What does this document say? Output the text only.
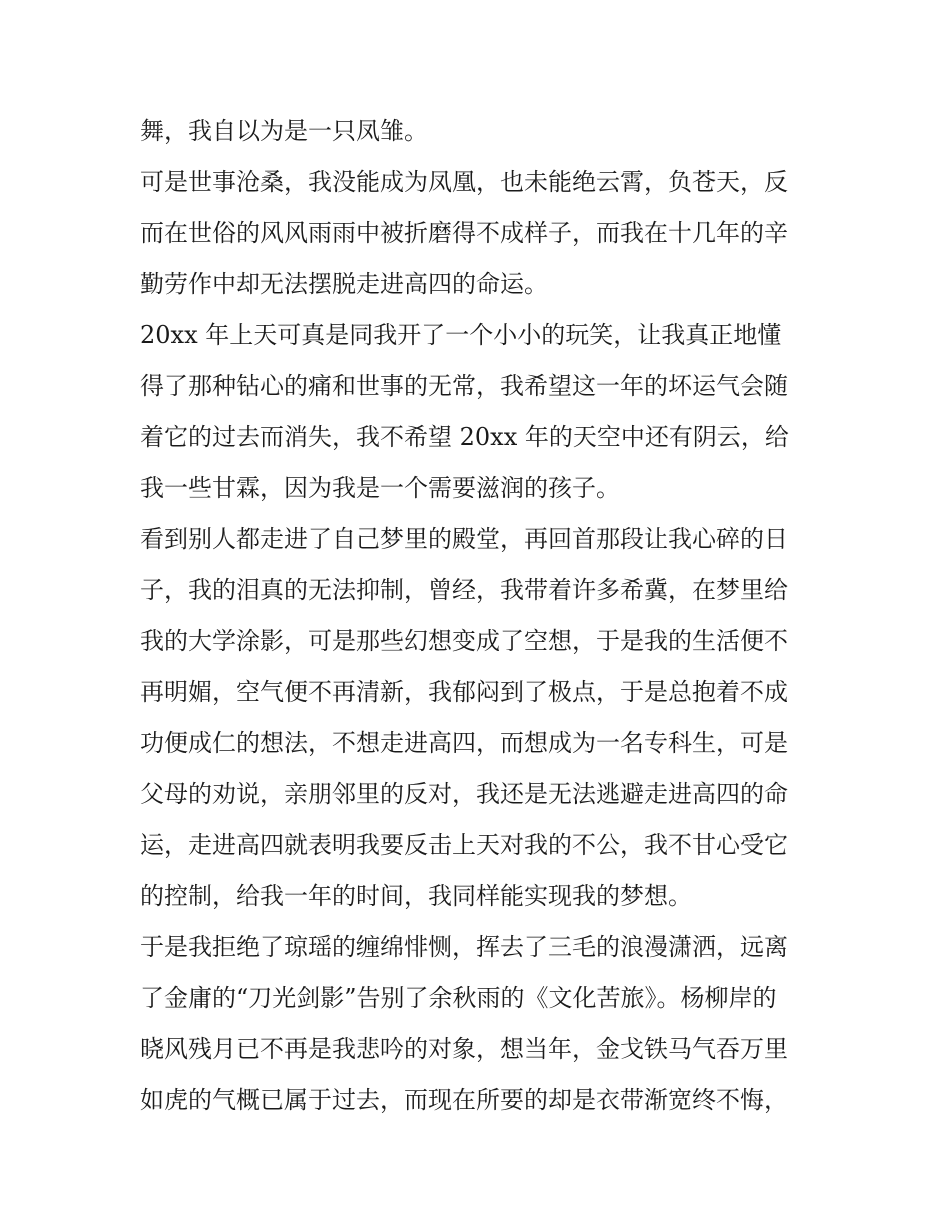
舞，我自以为是一只凤雏。
可是世事沧桑，我没能成为凤凰，也未能绝云霄，负苍天，反
而在世俗的风风雨雨中被折磨得不成样子，而我在十几年的辛
勤劳作中却无法摆脱走进高四的命运。
20xx 年上天可真是同我开了一个小小的玩笑，让我真正地懂
得了那种钻心的痛和世事的无常，我希望这一年的坏运气会随
着它的过去而消失，我不希望 20xx 年的天空中还有阴云，给
我一些甘霖，因为我是一个需要滋润的孩子。
看到别人都走进了自己梦里的殿堂，再回首那段让我心碎的日
子，我的泪真的无法抑制，曾经，我带着许多希冀，在梦里给
我的大学涂影，可是那些幻想变成了空想，于是我的生活便不
再明媚，空气便不再清新，我郁闷到了极点，于是总抱着不成
功便成仁的想法，不想走进高四，而想成为一名专科生，可是
父母的劝说，亲朋邻里的反对，我还是无法逃避走进高四的命
运，走进高四就表明我要反击上天对我的不公，我不甘心受它
的控制，给我一年的时间，我同样能实现我的梦想。
于是我拒绝了琼瑶的缠绵悱恻，挥去了三毛的浪漫潇洒，远离
了金庸的“刀光剑影”告别了余秋雨的《文化苦旅》。杨柳岸的
晓风残月已不再是我悲吟的对象，想当年，金戈铁马气吞万里
如虎的气概已属于过去，而现在所要的却是衣带渐宽终不悔，
